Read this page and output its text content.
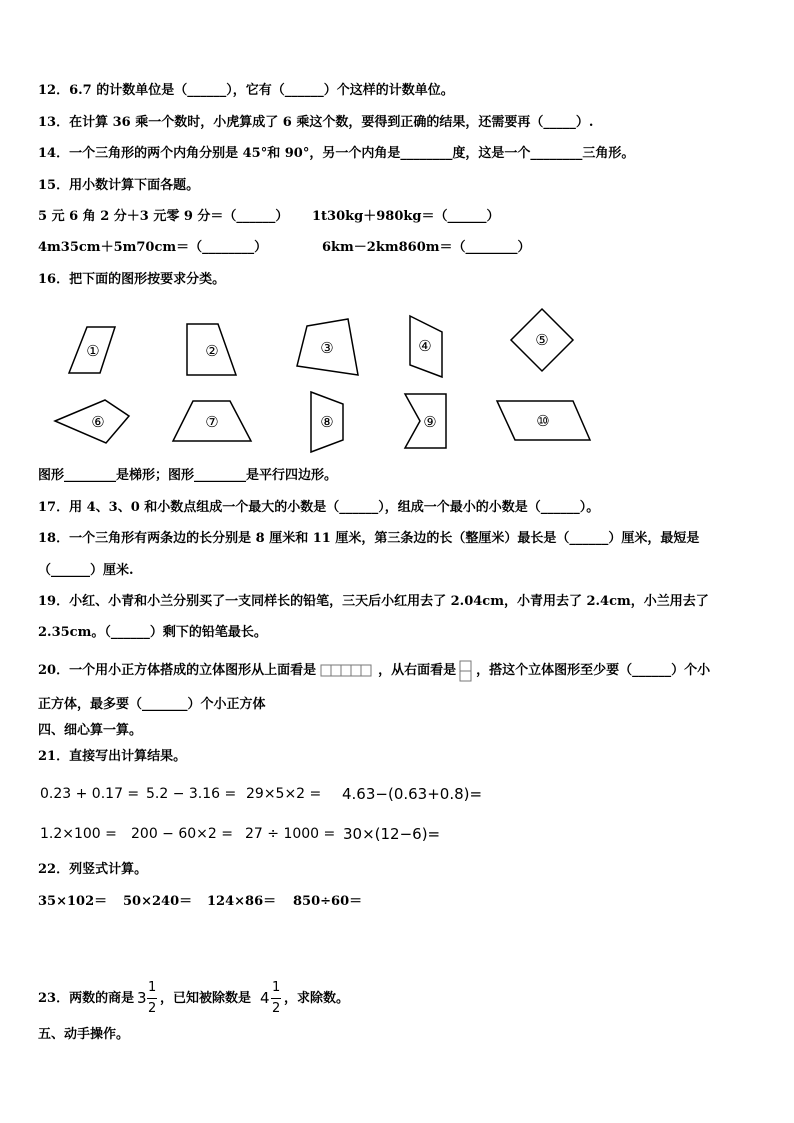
12．6.7 的计数单位是（______），它有（______）个这样的计数单位。
13．在计算 36 乘一个数时，小虎算成了 6 乘这个数，要得到正确的结果，还需要再（_____）.
14．一个三角形的两个内角分别是 45°和 90°，另一个内角是________度，这是一个________三角形。
15．用小数计算下面各题。
5 元 6 角 2 分＋3 元零 9 分＝（______） 1t30kg＋980kg＝（______）
4m35cm＋5m70cm＝（________）	6km－2km860m＝（________）
16．把下面的图形按要求分类。
①	②	③	④	⑤
⑥	⑦	⑧	⑨	⑩
图形________是梯形；图形________是平行四边形。
17．用 4、3、0 和小数点组成一个最大的小数是（______），组成一个最小的小数是（______）。
18．一个三角形有两条边的长分别是 8 厘米和 11 厘米，第三条边的长（整厘米）最长是（______）厘米，最短是
（______）厘米.
19．小红、小青和小兰分别买了一支同样长的铅笔，三天后小红用去了 2.04cm，小青用去了 2.4cm，小兰用去了
2.35cm。（______）剩下的铅笔最长。
20．一个用小正方体搭成的立体图形从上面看是	，从右面看是 ，搭这个立体图形至少要（______）个小
正方体，最多要（_______）个小正方体
四、细心算一算。
21．直接写出计算结果。
0.23 + 0.17 = 5.2 − 3.16 = 29×5×2 = 4.63−(0.63+0.8)=
1.2×100 = 200 − 60×2 = 27 ÷ 1000 = 30×(12−6)=
22．列竖式计算。
35×102＝ 50×240＝ 124×86＝ 850÷60＝
23．两数的商是 3
1
2
，已知被除数是 4
1
2
，求除数。
五、动手操作。
